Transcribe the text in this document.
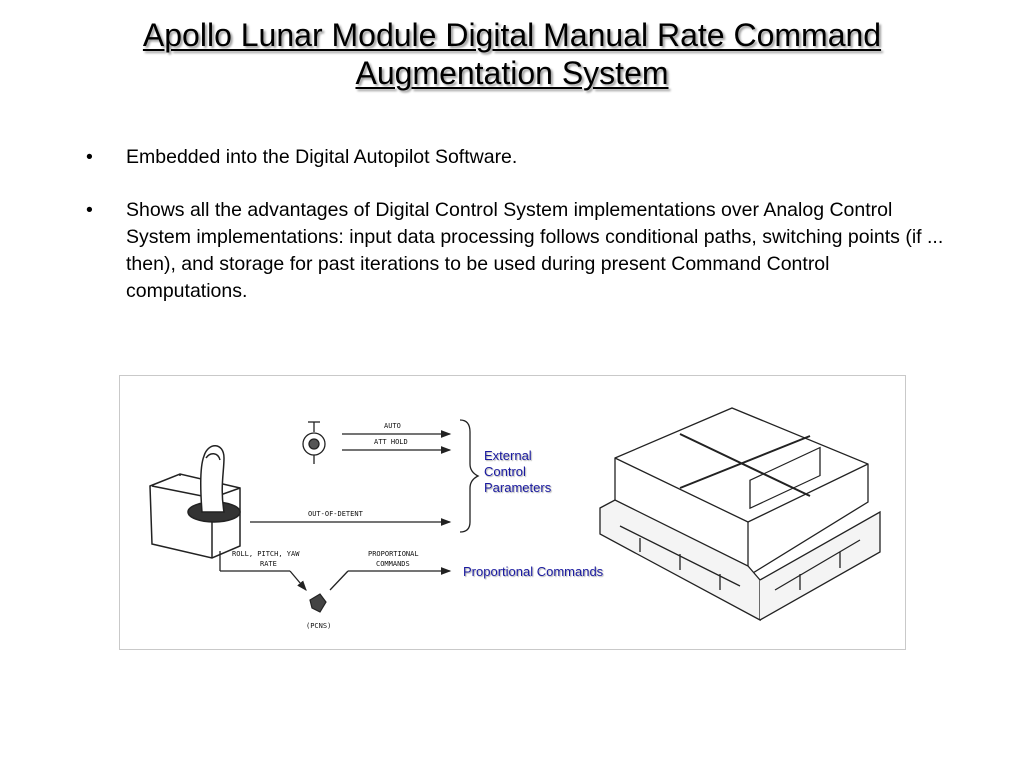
Apollo Lunar Module Digital Manual Rate Command
Augmentation System
• Embedded into the Digital Autopilot Software.
• Shows all the advantages of Digital Control System implementations over Analog Control System implementations: input data processing follows conditional paths, switching points (if ... then), and storage for past iterations to be used during present Command Control computations.
AUTO
ATT HOLD
OUT-OF-DETENT
ROLL, PITCH, YAW
RATE
PROPORTIONAL
COMMANDS
(PCNS)
External
Control
Parameters
Proportional Commands
